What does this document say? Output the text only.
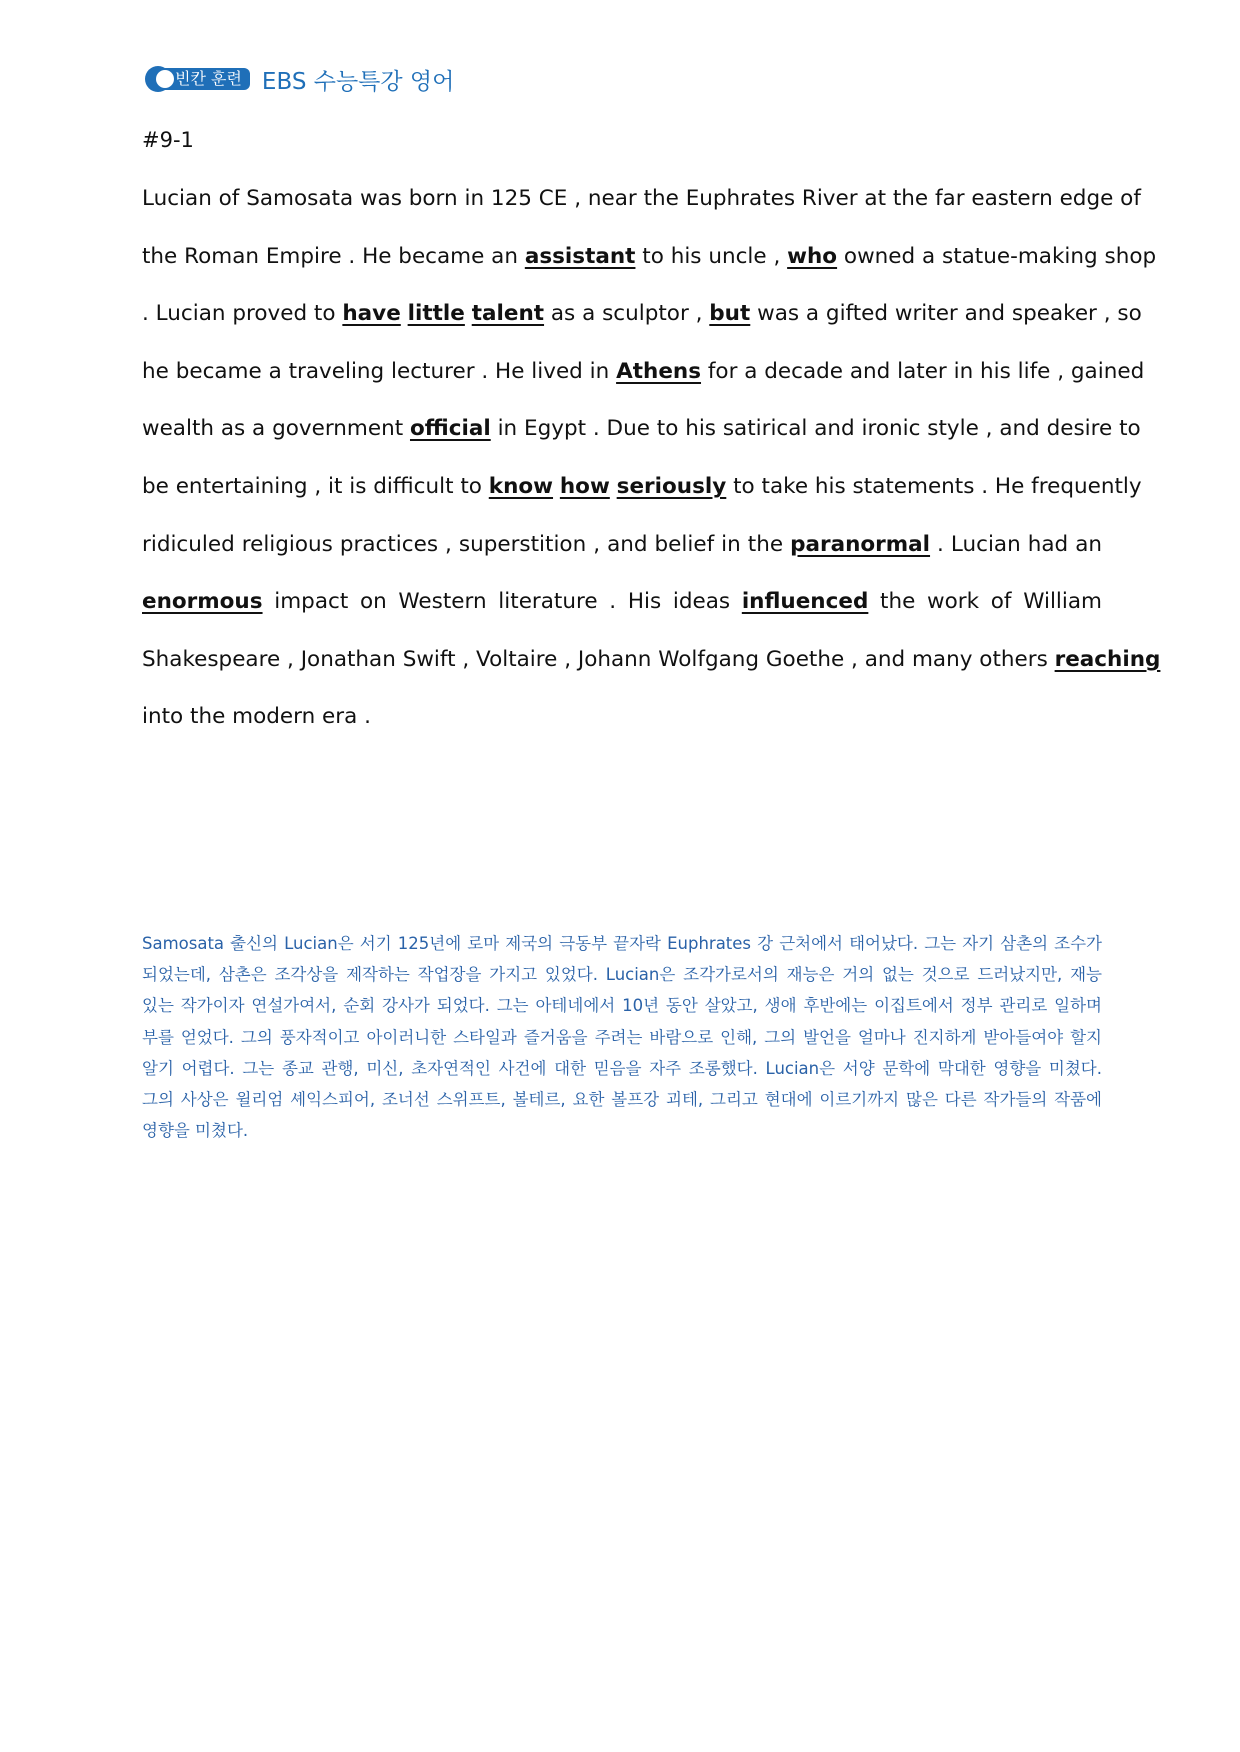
빈칸 훈련 EBS 수능특강 영어
#9-1
Lucian of Samosata was born in 125 CE , near the Euphrates River at the far eastern edge of
the Roman Empire . He became an assistant to his uncle , who owned a statue-making shop
. Lucian proved to have little talent as a sculptor , but was a gifted writer and speaker , so
he became a traveling lecturer . He lived in Athens for a decade and later in his life , gained
wealth as a government official in Egypt . Due to his satirical and ironic style , and desire to
be entertaining , it is difficult to know how seriously to take his statements . He frequently
ridiculed religious practices , superstition , and belief in the paranormal . Lucian had an
enormous impact on Western literature . His ideas influenced the work of William
Shakespeare , Jonathan Swift , Voltaire , Johann Wolfgang Goethe , and many others reaching
into the modern era .
Samosata 출신의 Lucian은 서기 125년에 로마 제국의 극동부 끝자락 Euphrates 강 근처에서 태어났다. 그는 자기 삼촌의 조수가
되었는데, 삼촌은 조각상을 제작하는 작업장을 가지고 있었다. Lucian은 조각가로서의 재능은 거의 없는 것으로 드러났지만, 재능
있는 작가이자 연설가여서, 순회 강사가 되었다. 그는 아테네에서 10년 동안 살았고, 생애 후반에는 이집트에서 정부 관리로 일하며
부를 얻었다. 그의 풍자적이고 아이러니한 스타일과 즐거움을 주려는 바람으로 인해, 그의 발언을 얼마나 진지하게 받아들여야 할지
알기 어렵다. 그는 종교 관행, 미신, 초자연적인 사건에 대한 믿음을 자주 조롱했다. Lucian은 서양 문학에 막대한 영향을 미쳤다.
그의 사상은 윌리엄 셰익스피어, 조너선 스위프트, 볼테르, 요한 볼프강 괴테, 그리고 현대에 이르기까지 많은 다른 작가들의 작품에
영향을 미쳤다.
